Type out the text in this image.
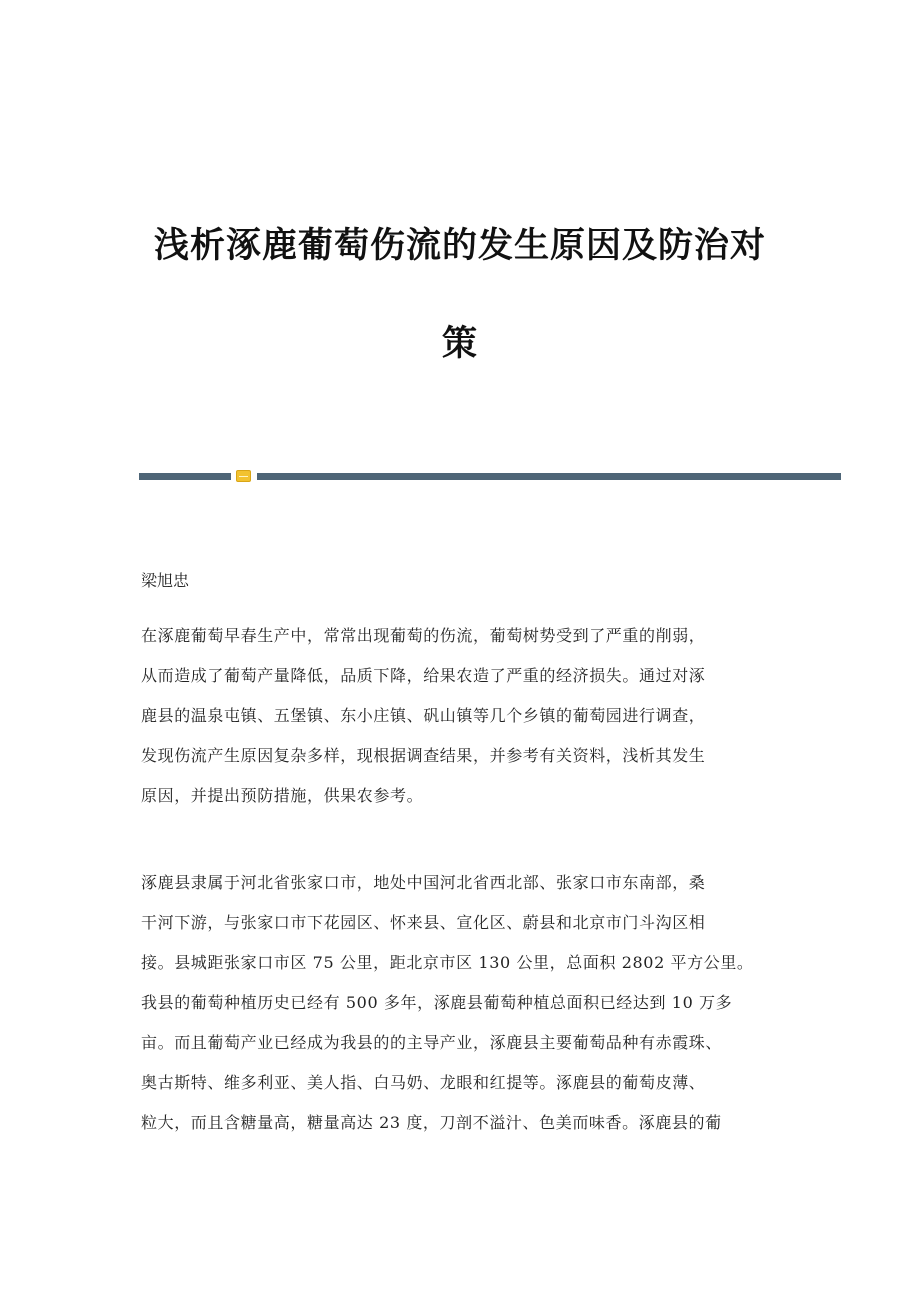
浅析涿鹿葡萄伤流的发生原因及防治对
策

梁旭忠

在涿鹿葡萄早春生产中，常常出现葡萄的伤流，葡萄树势受到了严重的削弱，
从而造成了葡萄产量降低，品质下降，给果农造了严重的经济损失。通过对涿
鹿县的温泉屯镇、五堡镇、东小庄镇、矾山镇等几个乡镇的葡萄园进行调查，
发现伤流产生原因复杂多样，现根据调查结果，并参考有关资料，浅析其发生
原因，并提出预防措施，供果农参考。
涿鹿县隶属于河北省张家口市，地处中国河北省西北部、张家口市东南部，桑
干河下游，与张家口市下花园区、怀来县、宣化区、蔚县和北京市门斗沟区相
接。县城距张家口市区 75 公里，距北京市区 130 公里，总面积 2802 平方公里。
我县的葡萄种植历史已经有 500 多年，涿鹿县葡萄种植总面积已经达到 10 万多
亩。而且葡萄产业已经成为我县的的主导产业，涿鹿县主要葡萄品种有赤霞珠、
奥古斯特、维多利亚、美人指、白马奶、龙眼和红提等。涿鹿县的葡萄皮薄、
粒大，而且含糖量高，糖量高达 23 度，刀剖不溢汁、色美而味香。涿鹿县的葡
